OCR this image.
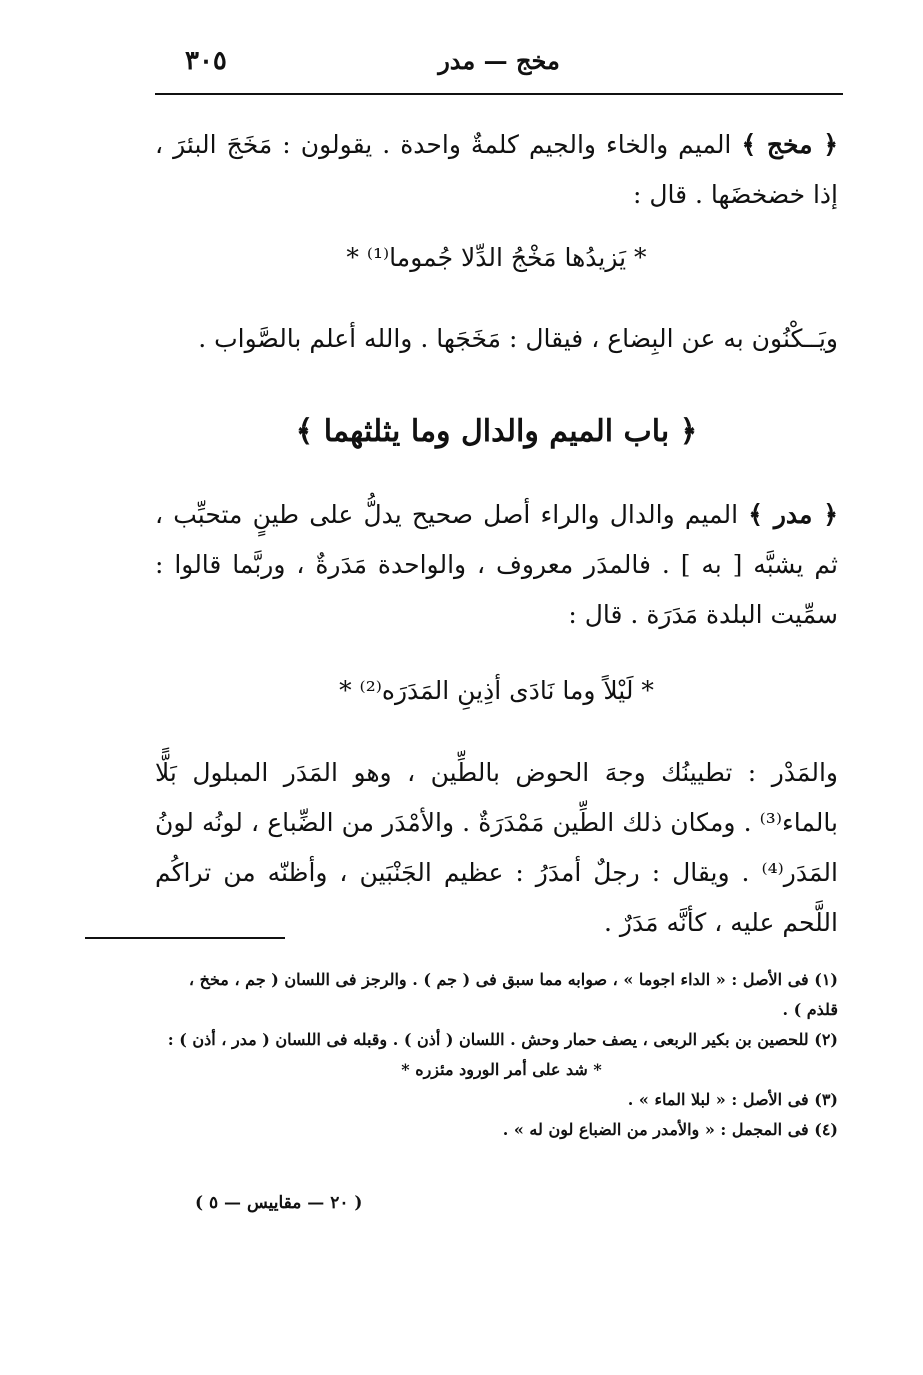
٣٠٥	مخج — مدر
﴿ مخج ﴾ الميم والخاء والجيم كلمةٌ واحدة . يقولون : مَخَجَ البئرَ ، إذا خضخضَها . قال :
* يَزيدُها مَخْجُ الدِّلا جُموما⁽¹⁾ *
ويَــكْنُون به عن البِضاع ، فيقال : مَخَجَها . والله أعلم بالصَّواب .
﴿ باب الميم والدال وما يثلثهما ﴾
﴿ مدر ﴾ الميم والدال والراء أصل صحيح يدلُّ على طينٍ متحبِّب ، ثم يشبَّه [ به ] . فالمدَر معروف ، والواحدة مَدَرةٌ ، وربَّما قالوا : سمِّيت البلدة مَدَرَة . قال :
* لَيْلاً وما نَادَى أذِينِ المَدَرَه⁽²⁾ *
والمَدْر : تطيينُك وجهَ الحوض بالطِّين ، وهو المَدَر المبلول بَلًّا بالماء⁽³⁾ . ومكان ذلك الطِّين مَمْدَرَةٌ . والأمْدَر من الضِّباع ، لونُه لونُ المَدَر⁽⁴⁾ . ويقال : رجلٌ أمدَرُ : عظيم الجَنْبَين ، وأظنّه من تراكُم اللَّحم عليه ، كأنَّه مَدَرٌ .

(١) فى الأصل : « الداء اجوما » ، صوابه مما سبق فى ( جم ) . والرجز فى اللسان ( جم ، مخخ ، قلذم ) .

(٢) للحصين بن بكير الربعى ، يصف حمار وحش . اللسان ( أذن ) . وقبله فى اللسان ( مدر ، أذن ) :

* شد على أمر الورود مئزره *

(٣) فى الأصل : « لبلا الماء » .

(٤) فى المجمل : « والأمدر من الضباع لون له » .

( ٢٠ — مقاييس — ٥ )
